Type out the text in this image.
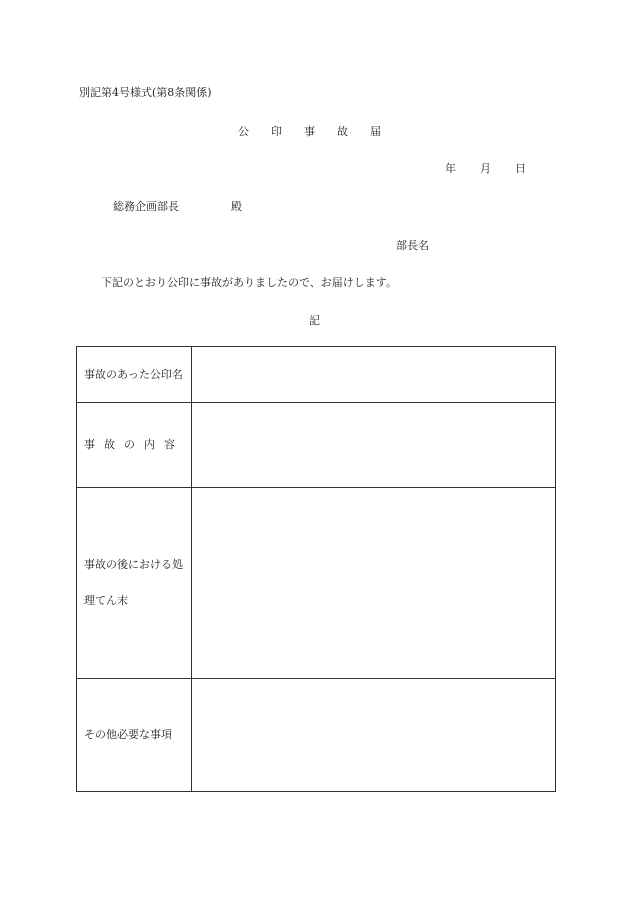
別記第4号様式(第8条関係)
公 印 事 故 届
年 月 日
総務企画部長	殿
部長名
下記のとおり公印に事故がありましたので、お届けします。
記
事故のあった公印名	
事故の内容	
事故の後における処理てん末	
その他必要な事項	
